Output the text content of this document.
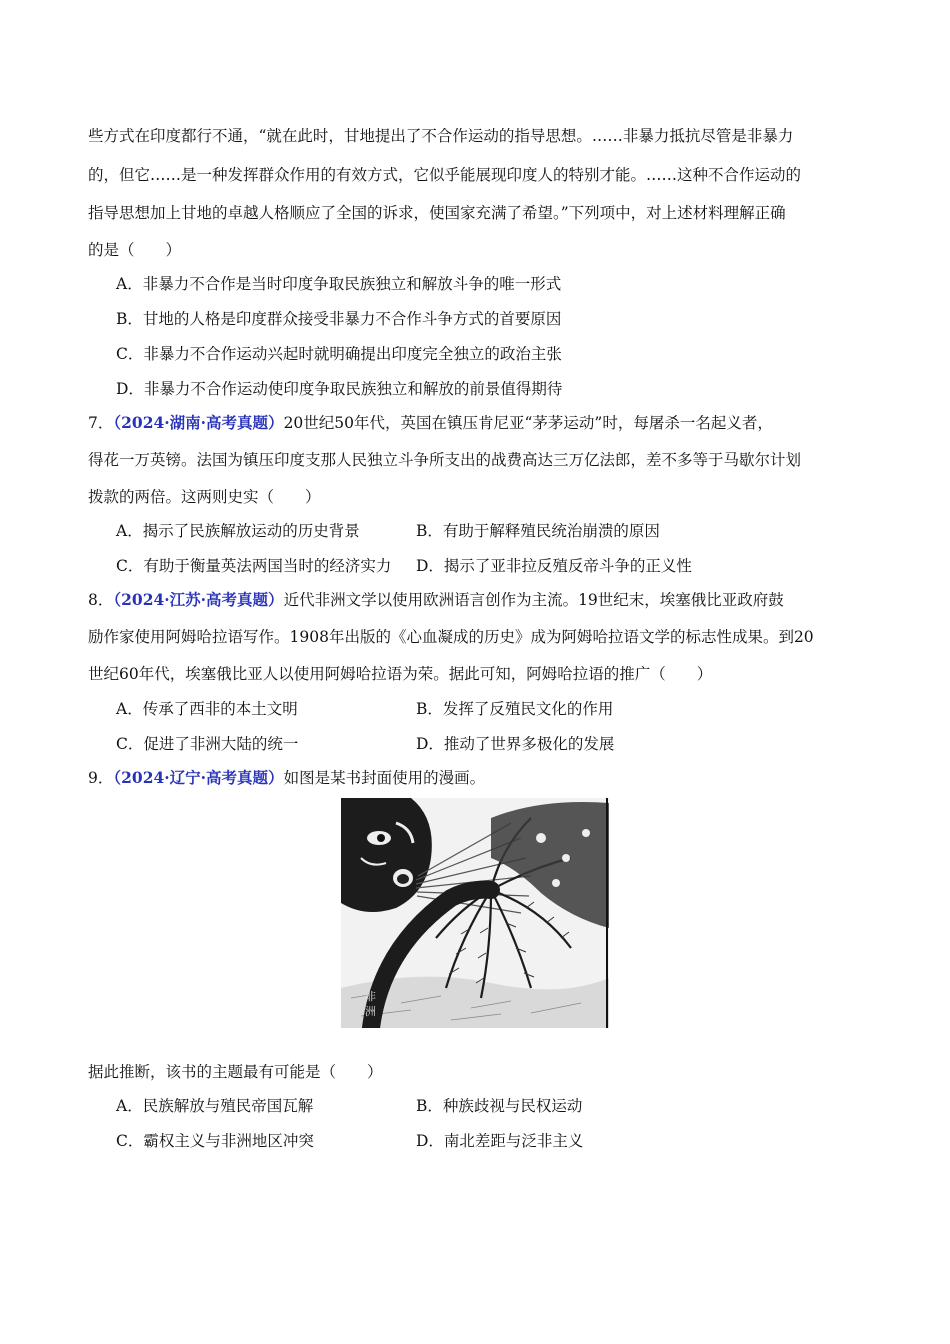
些方式在印度都行不通，“就在此时，甘地提出了不合作运动的指导思想。……非暴力抵抗尽管是非暴力
的，但它……是一种发挥群众作用的有效方式，它似乎能展现印度人的特别才能。……这种不合作运动的
指导思想加上甘地的卓越人格顺应了全国的诉求，使国家充满了希望。”下列项中，对上述材料理解正确
的是（　　）
A．非暴力不合作是当时印度争取民族独立和解放斗争的唯一形式
B．甘地的人格是印度群众接受非暴力不合作斗争方式的首要原因
C．非暴力不合作运动兴起时就明确提出印度完全独立的政治主张
D．非暴力不合作运动使印度争取民族独立和解放的前景值得期待
7．（2024·湖南·高考真题）20世纪50年代，英国在镇压肯尼亚“茅茅运动”时，每屠杀一名起义者，
得花一万英镑。法国为镇压印度支那人民独立斗争所支出的战费高达三万亿法郎，差不多等于马歇尔计划
拨款的两倍。这两则史实（　　）
A．揭示了民族解放运动的历史背景	B．有助于解释殖民统治崩溃的原因
C．有助于衡量英法两国当时的经济实力 D．揭示了亚非拉反殖反帝斗争的正义性
8．（2024·江苏·高考真题）近代非洲文学以使用欧洲语言创作为主流。19世纪末，埃塞俄比亚政府鼓
励作家使用阿姆哈拉语写作。1908年出版的《心血凝成的历史》成为阿姆哈拉语文学的标志性成果。到20
世纪60年代，埃塞俄比亚人以使用阿姆哈拉语为荣。据此可知，阿姆哈拉语的推广（　　）
A．传承了西非的本土文明	B．发挥了反殖民文化的作用
C．促进了非洲大陆的统一	D．推动了世界多极化的发展
9．（2024·辽宁·高考真题）如图是某书封面使用的漫画。
非
洲
据此推断，该书的主题最有可能是（　　）
A．民族解放与殖民帝国瓦解	B．种族歧视与民权运动
C．霸权主义与非洲地区冲突	D．南北差距与泛非主义
